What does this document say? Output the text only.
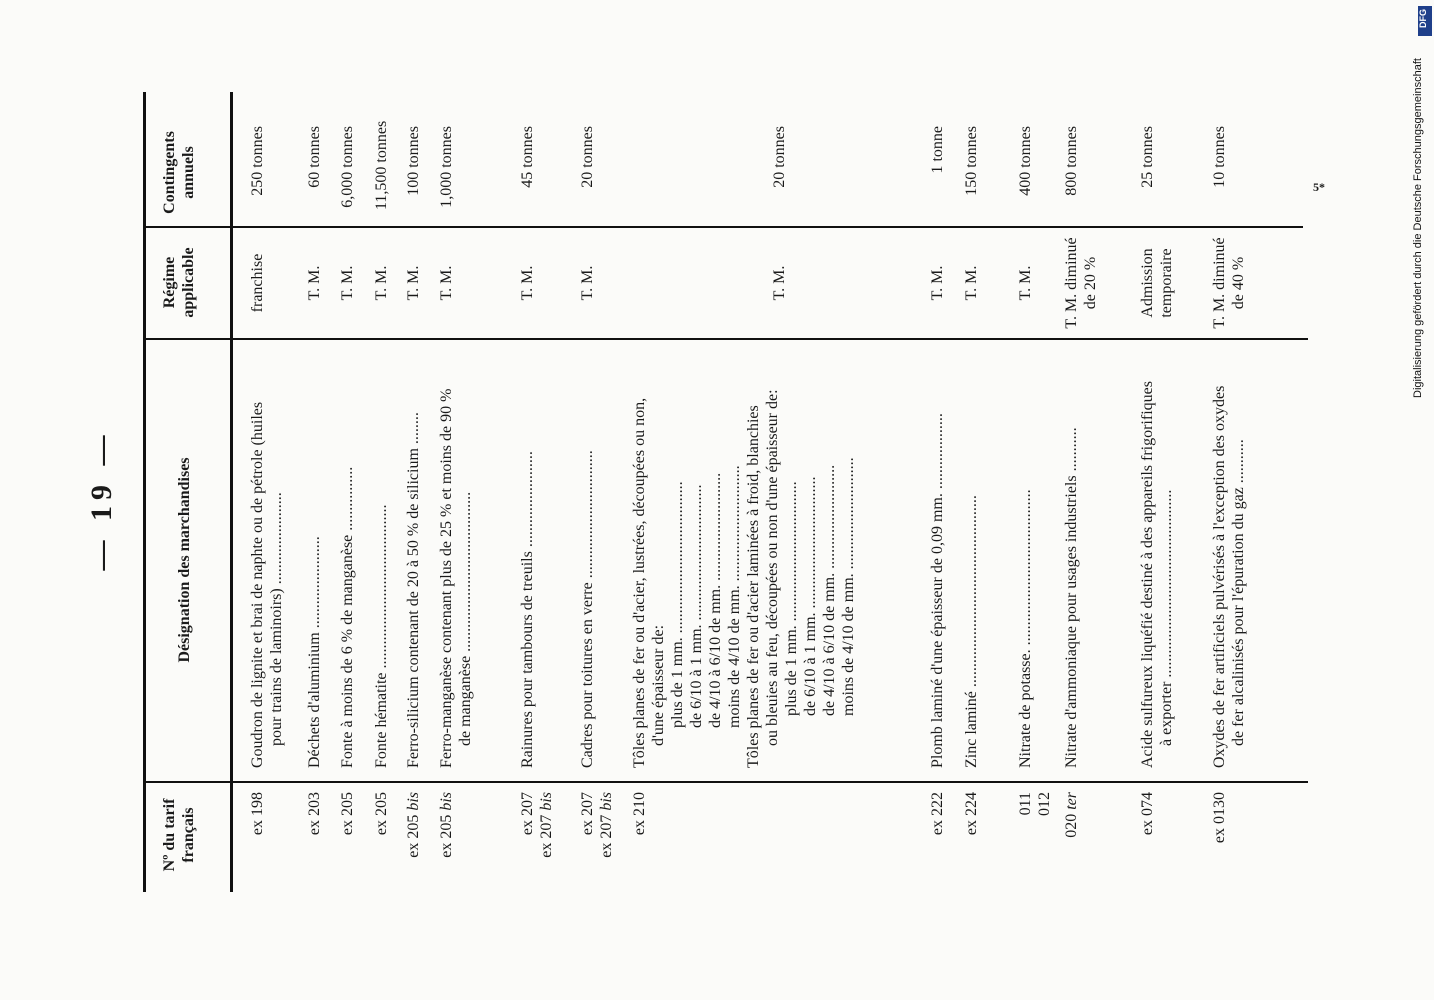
— 19 —
Nº du tarif français
Désignation des marchandises
Régime applicable
Contingents annuels
ex 198
Goudron de lignite et brai de naphte ou de pétrole (huiles pour trains de laminoirs) .......................
franchise
250 tonnes
ex 203
Déchets d'aluminium .......................
T. M.
60 tonnes
ex 205
Fonte à moins de 6 % de manganèse ................
T. M.
6,000 tonnes
ex 205
Fonte hématite .........................................
T. M.
11,500 tonnes
ex 205 bis
Ferro-silicium contenant de 20 à 50 % de silicium ........
T. M.
100 tonnes
ex 205 bis
Ferro-manganèse contenant plus de 25 % et moins de 90 % de manganèse ........................................
T. M.
1,000 tonnes
ex 207 ex 207 bis
Rainures pour tambours de treuils ........................
T. M.
45 tonnes
ex 207 ex 207 bis
Cadres pour toitures en verre ................................
T. M.
20 tonnes
ex 210
Tôles planes de fer ou d'acier, lustrées, découpées ou non, d'une épaisseur de: plus de 1 mm. ...................................... de 6/10 à 1 mm. .................................. de 4/10 à 6/10 de mm. ........................... moins de 4/10 de mm. ............................. Tôles planes de fer ou d'acier laminées à froid, blanchies ou bleuies au feu, découpées ou non d'une épaisseur de: plus de 1 mm. ................................... de 6/10 à 1 mm. ................................. de 4/10 à 6/10 de mm. .......................... moins de 4/10 de mm. ............................
T. M.
20 tonnes
ex 222
Plomb laminé d'une épaisseur de 0,09 mm. ...................
T. M.
1 tonne
ex 224
Zinc laminé ................................................
T. M.
150 tonnes
011 012
Nitrate de potasse. .......................................
T. M.
400 tonnes
020 ter
Nitrate d'ammoniaque pour usages industriels ...........
T. M. diminué de 20 %
800 tonnes
ex 074
Acide sulfureux liquéfié destiné à des appareils frigorifiques à exporter ...............................................
Admission temporaire
25 tonnes
ex 0130
Oxydes de fer artificiels pulvérisés à l'exception des oxydes de fer alcalinisés pour l'épuration du gaz ...........
T. M. diminué de 40 %
10 tonnes	5*	Digitalisierung gefördert durch die Deutsche Forschungsgemeinschaft
DFG
